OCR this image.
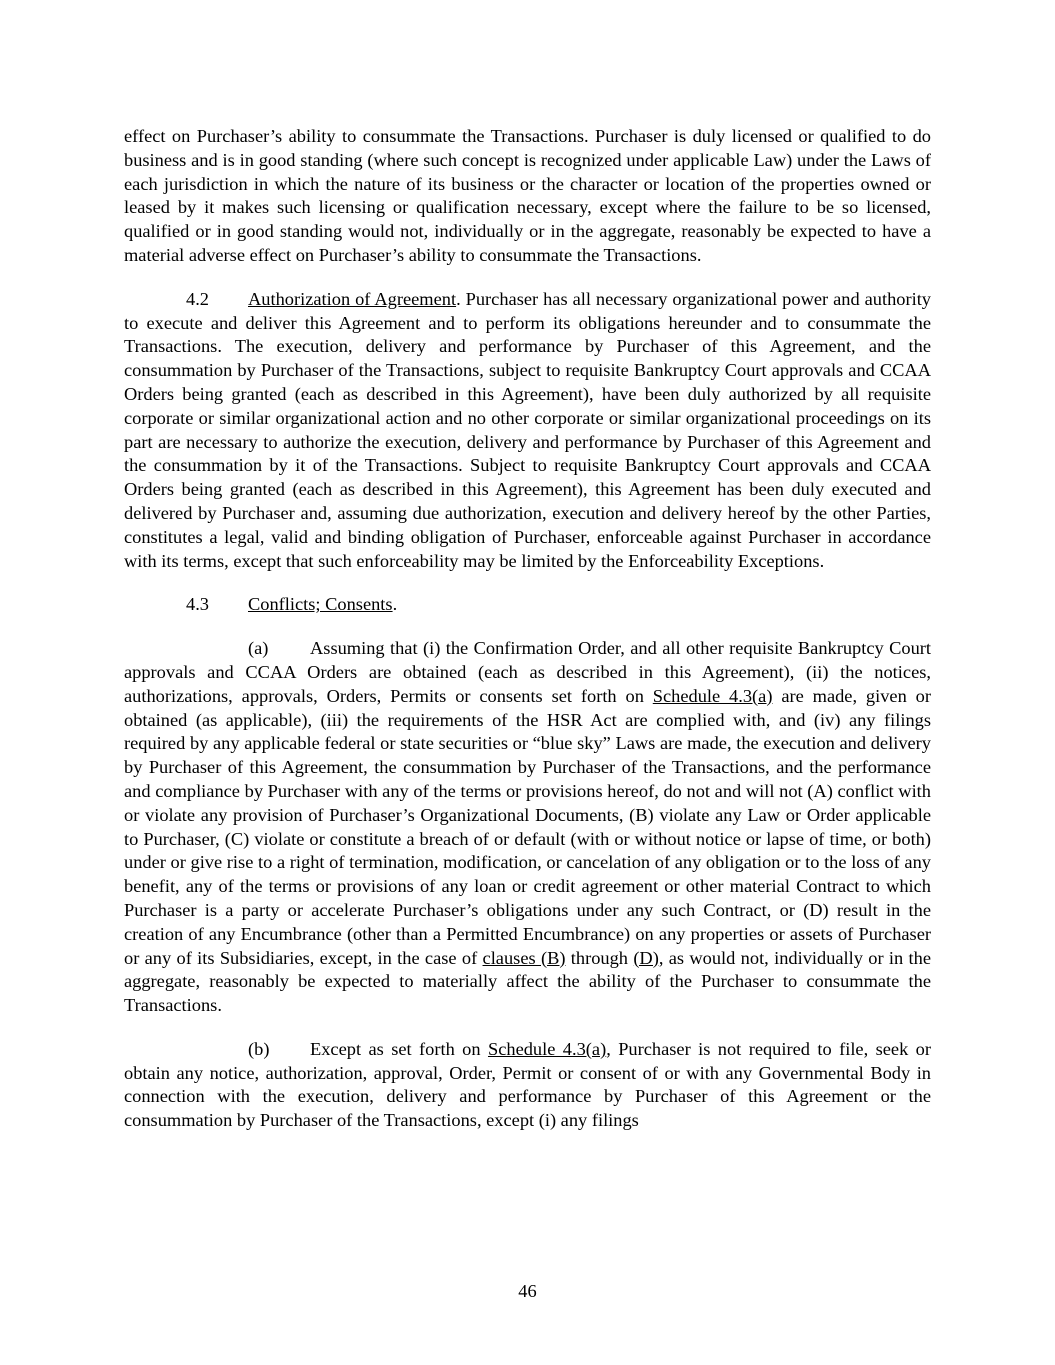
effect on Purchaser’s ability to consummate the Transactions. Purchaser is duly licensed or qualified to do business and is in good standing (where such concept is recognized under applicable Law) under the Laws of each jurisdiction in which the nature of its business or the character or location of the properties owned or leased by it makes such licensing or qualification necessary, except where the failure to be so licensed, qualified or in good standing would not, individually or in the aggregate, reasonably be expected to have a material adverse effect on Purchaser’s ability to consummate the Transactions.

4.2 Authorization of Agreement. Purchaser has all necessary organizational power and authority to execute and deliver this Agreement and to perform its obligations hereunder and to consummate the Transactions. The execution, delivery and performance by Purchaser of this Agreement, and the consummation by Purchaser of the Transactions, subject to requisite Bankruptcy Court approvals and CCAA Orders being granted (each as described in this Agreement), have been duly authorized by all requisite corporate or similar organizational action and no other corporate or similar organizational proceedings on its part are necessary to authorize the execution, delivery and performance by Purchaser of this Agreement and the consummation by it of the Transactions. Subject to requisite Bankruptcy Court approvals and CCAA Orders being granted (each as described in this Agreement), this Agreement has been duly executed and delivered by Purchaser and, assuming due authorization, execution and delivery hereof by the other Parties, constitutes a legal, valid and binding obligation of Purchaser, enforceable against Purchaser in accordance with its terms, except that such enforceability may be limited by the Enforceability Exceptions.

4.3 Conflicts; Consents.

(a) Assuming that (i) the Confirmation Order, and all other requisite Bankruptcy Court approvals and CCAA Orders are obtained (each as described in this Agreement), (ii) the notices, authorizations, approvals, Orders, Permits or consents set forth on Schedule 4.3(a) are made, given or obtained (as applicable), (iii) the requirements of the HSR Act are complied with, and (iv) any filings required by any applicable federal or state securities or “blue sky” Laws are made, the execution and delivery by Purchaser of this Agreement, the consummation by Purchaser of the Transactions, and the performance and compliance by Purchaser with any of the terms or provisions hereof, do not and will not (A) conflict with or violate any provision of Purchaser’s Organizational Documents, (B) violate any Law or Order applicable to Purchaser, (C) violate or constitute a breach of or default (with or without notice or lapse of time, or both) under or give rise to a right of termination, modification, or cancelation of any obligation or to the loss of any benefit, any of the terms or provisions of any loan or credit agreement or other material Contract to which Purchaser is a party or accelerate Purchaser’s obligations under any such Contract, or (D) result in the creation of any Encumbrance (other than a Permitted Encumbrance) on any properties or assets of Purchaser or any of its Subsidiaries, except, in the case of clauses (B) through (D), as would not, individually or in the aggregate, reasonably be expected to materially affect the ability of the Purchaser to consummate the Transactions.

(b) Except as set forth on Schedule 4.3(a), Purchaser is not required to file, seek or obtain any notice, authorization, approval, Order, Permit or consent of or with any Governmental Body in connection with the execution, delivery and performance by Purchaser of this Agreement or the consummation by Purchaser of the Transactions, except (i) any filings

46
